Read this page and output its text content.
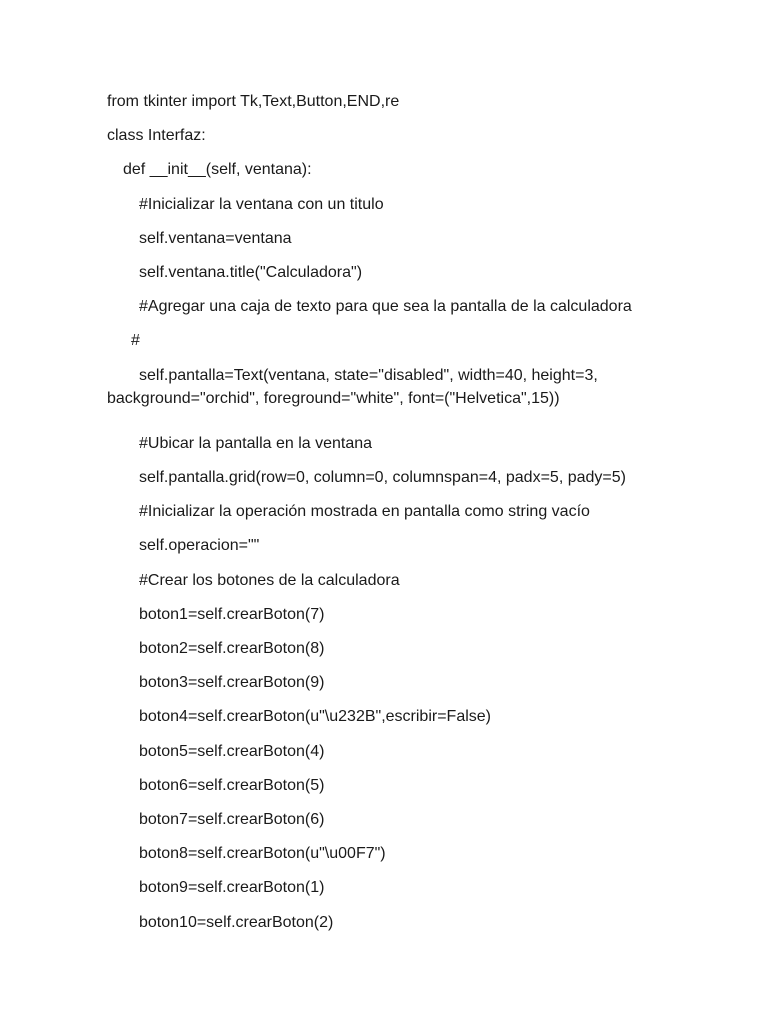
from tkinter import Tk,Text,Button,END,re
class Interfaz:
def __init__(self, ventana):
#Inicializar la ventana con un titulo
self.ventana=ventana
self.ventana.title("Calculadora")
#Agregar una caja de texto para que sea la pantalla de la calculadora
#
self.pantalla=Text(ventana, state="disabled", width=40, height=3,
background="orchid", foreground="white", font=("Helvetica",15))
#Ubicar la pantalla en la ventana
self.pantalla.grid(row=0, column=0, columnspan=4, padx=5, pady=5)
#Inicializar la operación mostrada en pantalla como string vacío
self.operacion=""
#Crear los botones de la calculadora
boton1=self.crearBoton(7)
boton2=self.crearBoton(8)
boton3=self.crearBoton(9)
boton4=self.crearBoton(u"\u232B",escribir=False)
boton5=self.crearBoton(4)
boton6=self.crearBoton(5)
boton7=self.crearBoton(6)
boton8=self.crearBoton(u"\u00F7")
boton9=self.crearBoton(1)
boton10=self.crearBoton(2)
